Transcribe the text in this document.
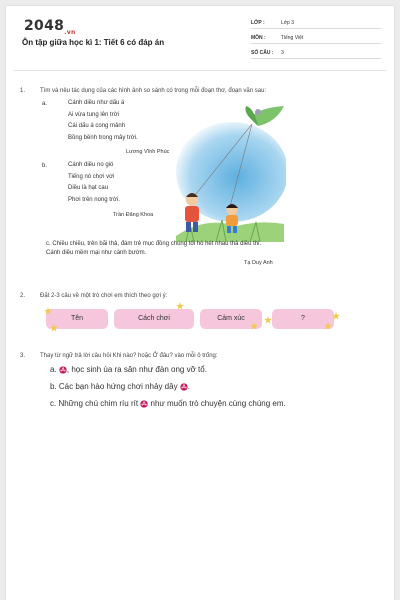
$2048_{.vn}$
Ôn tập giữa học kì 1: Tiết 6 có đáp án
LỚP :	Lớp 3
MÔN :	Tiếng Việt
SỐ CÂU : 3
1. Tìm và nêu tác dụng của các hình ảnh so sánh có trong mỗi đoạn thơ, đoạn văn sau:
a.	Cánh diều như dấu á
Ai vừa tung lên trời
Cái dấu á cong mảnh
Bồng bềnh trong mây trời.
Lương Vĩnh Phúc
b.	Cánh diều no gió
Tiếng nó chơi vơi
Diều là hạt cau
Phơi trên nong trời.
Trần Đăng Khoa
c. Chiều chiều, trên bãi thả, đám trẻ mục đồng chúng tôi hò hét nhau thả diều thi. Cánh diều mềm mại như cánh bướm.
Tạ Duy Anh
2. Đặt 2-3 câu về một trò chơi em thích theo gợi ý:
Tên	Cách chơi	Cảm xúc	?
3. Thay từ ngữ trả lời câu hỏi Khi nào? hoặc Ở đâu? vào mỗi ô trống:
a. , học sinh ùa ra sân như đàn ong vỡ tổ.
b. Các bạn hào hứng chơi nhảy dây .
c. Những chú chim ríu rít  như muốn trò chuyện cùng chúng em.
